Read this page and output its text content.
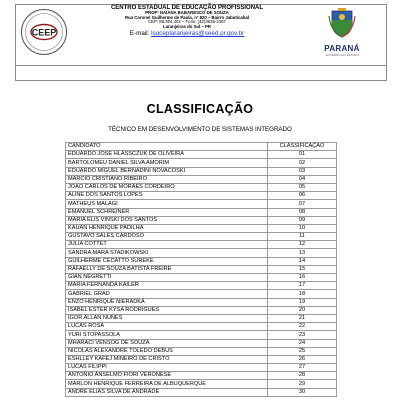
CEEP
CENTRO ESTADUAL DE EDUCAÇÃO PROFISSIONAL
PROFª NAIANA BABARESCO DE SOUZA
Rua Coronel Guilherme de Paula, nº 820 – Bairro Jabuticabal
CEP: 85.304.404 – Fone: (42)3635-2397
Laranjeiras do Sul – PR
E-mail: lsoceplaranjeiras@seed.pr.gov.br
PARANÁ
GOVERNO DO ESTADO
CLASSIFICAÇÃO
TÉCNICO EM DESENVOLVIMENTO DE SISTEMAS INTEGRADO
CANDIDATO	CLASSIFICAÇÃO
EDUARDO JOSÉ HLASSCZUK DE OLIVEIRA	01
BARTOLOMEU DANIEL SILVA AMORIM	02
EDUARDO MIGUEL BERNADINI NOVACOSKI	03
MARCIO CRISTIANO RIBEIRO	04
JOÃO CARLOS DE MORAES CORDEIRO	05
ALINE DOS SANTOS LOPES	06
MATHEUS MALAGI	07
EMANUEL SCHREINER	08
MARIA ELIS VINSKI DOS SANTOS	09
KAUAN HENRIQUE PADILHA	10
GUSTAVO SALES CARDOSO	11
JULIA COTTET	12
SANDRA MARA STADIKOWSKI	13
GUILHERME CECATTO SUREKE	14
RAFAELLY DE SOUZA BATISTA FREIRE	15
GIAN NEGRETTI	16
MARIA FERNANDA KAILER	17
GABRIEL GRAD	18
ENZO HENRIQUE NIERADKA	19
ISABEL ESTER KYSA RODRIGUES	20
IGOR ALLAN NUNES	21
LUCAS ROSA	22
YURI STOPASSOLA	23
MHARACI VENSOG DE SOUZA	24
NICOLAS ALEXANDRE TOLEDO DEBUS	25
ESHLLEY KAFEJ MINEIRO DE CRISTO	26
LUCAS FILIPPI	27
ANTONIO ANSELMO FIORI VERONESE	28
MARLON HENRIQUE FERREIRA DE ALBUQUERQUE	29
ANDRE ELIAS SILVA DE ANDRADE	30
